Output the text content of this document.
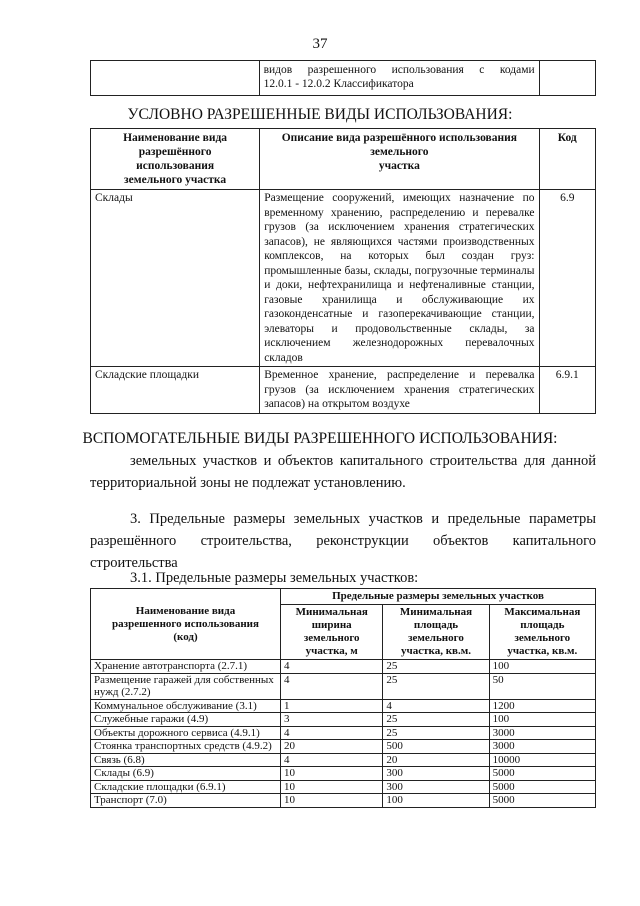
37

видов разрешенного использования с кодами
12.0.1 - 12.0.2 Классификатора

УСЛОВНО РАЗРЕШЕННЫЕ ВИДЫ ИСПОЛЬЗОВАНИЯ:
Наименование вида
разрешённого
использования
земельного участка	Описание вида разрешённого использования
земельного
участка	Код
Склады	Размещение сооружений, имеющих назначение по временному хранению, распределению и перевалке грузов (за исключением хранения стратегических запасов), не являющихся частями производственных комплексов, на которых был создан груз: промышленные базы, склады, погрузочные терминалы и доки, нефтехранилища и нефтеналивные станции, газовые хранилища и обслуживающие их газоконденсатные и газоперекачивающие станции, элеваторы и продовольственные склады, за исключением железнодорожных перевалочных складов	6.9
Складские площадки	Временное хранение, распределение и перевалка грузов (за исключением хранения стратегических запасов) на открытом воздухе	6.9.1
ВСПОМОГАТЕЛЬНЫЕ ВИДЫ РАЗРЕШЕННОГО ИСПОЛЬЗОВАНИЯ:
земельных участков и объектов капитального строительства для данной территориальной зоны не подлежат установлению.
3. Предельные размеры земельных участков и предельные параметры разрешённого строительства, реконструкции объектов капитального строительства
3.1. Предельные размеры земельных участков:
Наименование вида
разрешенного использования
(код)	Предельные размеры земельных участков		

	Минимальная
ширина земельного
участка, м	Минимальная
площадь
земельного
участка, кв.м.	Максимальная
площадь
земельного
участка, кв.м.

Хранение автотранспорта (2.7.1)	4	25	100
Размещение гаражей для собственных нужд (2.7.2)	4	25	50
Коммунальное обслуживание (3.1)	1	4	1200
Служебные гаражи (4.9)	3	25	100
Объекты дорожного сервиса (4.9.1)	4	25	3000
Стоянка транспортных средств (4.9.2)	20	500	3000
Связь (6.8)	4	20	10000
Склады (6.9)	10	300	5000
Складские площадки (6.9.1)	10	300	5000
Транспорт (7.0)	10	100	5000
